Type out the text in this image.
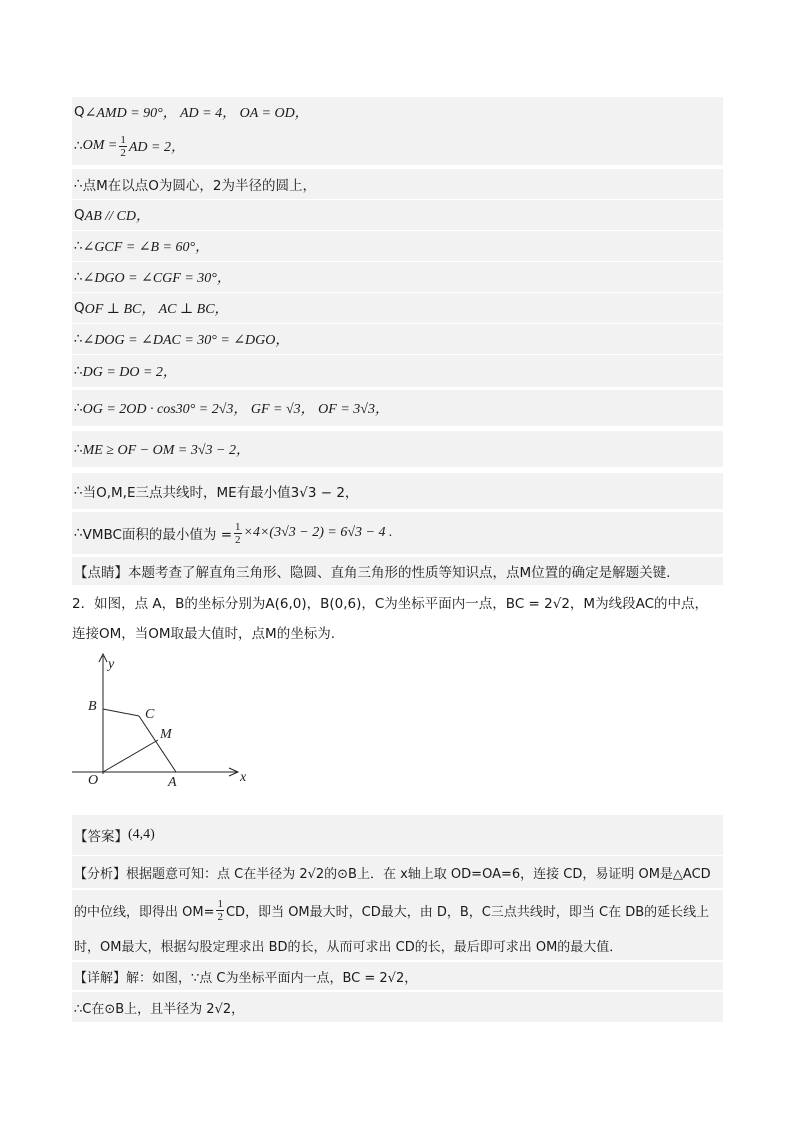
Q ∠AMD = 90°， AD = 4， OA = OD，
∴ OM = $\frac{1}{2}$ AD = 2，
∴ 点M在以点O为圆心，2为半径的圆上，
Q AB // CD，
∴ ∠GCF = ∠B = 60°，
∴ ∠DGO = ∠CGF = 30°，
Q OF ⊥ BC， AC ⊥ BC，
∴ ∠DOG = ∠DAC = 30° = ∠DGO，
∴ DG = DO = 2，
∴ OG = 2OD · cos30° = 2√3， GF = √3， OF = 3√3，
∴ ME ≥ OF − OM = 3√3 − 2，
∴ 当O,M,E三点共线时，ME有最小值3√3 − 2，
∴ VMBC面积的最小值为 = $\frac{1}{2} \times 4\times(3√3 - 2) = 6√3 - 4$ .
【点睛】本题考查了解直角三角形、隐圆、直角三角形的性质等知识点，点M位置的确定是解题关键.
2．如图，点 A，B的坐标分别为A(6,0)，B(0,6)，C为坐标平面内一点，BC = 2√2，M为线段AC的中点，
连接OM，当OM取最大值时，点M的坐标为.
y
x
O	A
B
C
M
【答案】 (4,4)
【分析】根据题意可知：点 C在半径为 2√2的⊙B上．在 x轴上取 OD=OA=6，连接 CD，易证明 OM是△ACD
的中位线，即得出 $OM= \frac{1}{2}$ CD，即当 OM最大时，CD最大，由 D，B，C三点共线时，即当 C在 DB的延长线上
时，OM最大，根据勾股定理求出 BD的长，从而可求出 CD的长，最后即可求出 OM的最大值．
【详解】解：如图，∵点 C为坐标平面内一点，BC = 2√2，
∴C在⊙B上，且半径为 2√2，
